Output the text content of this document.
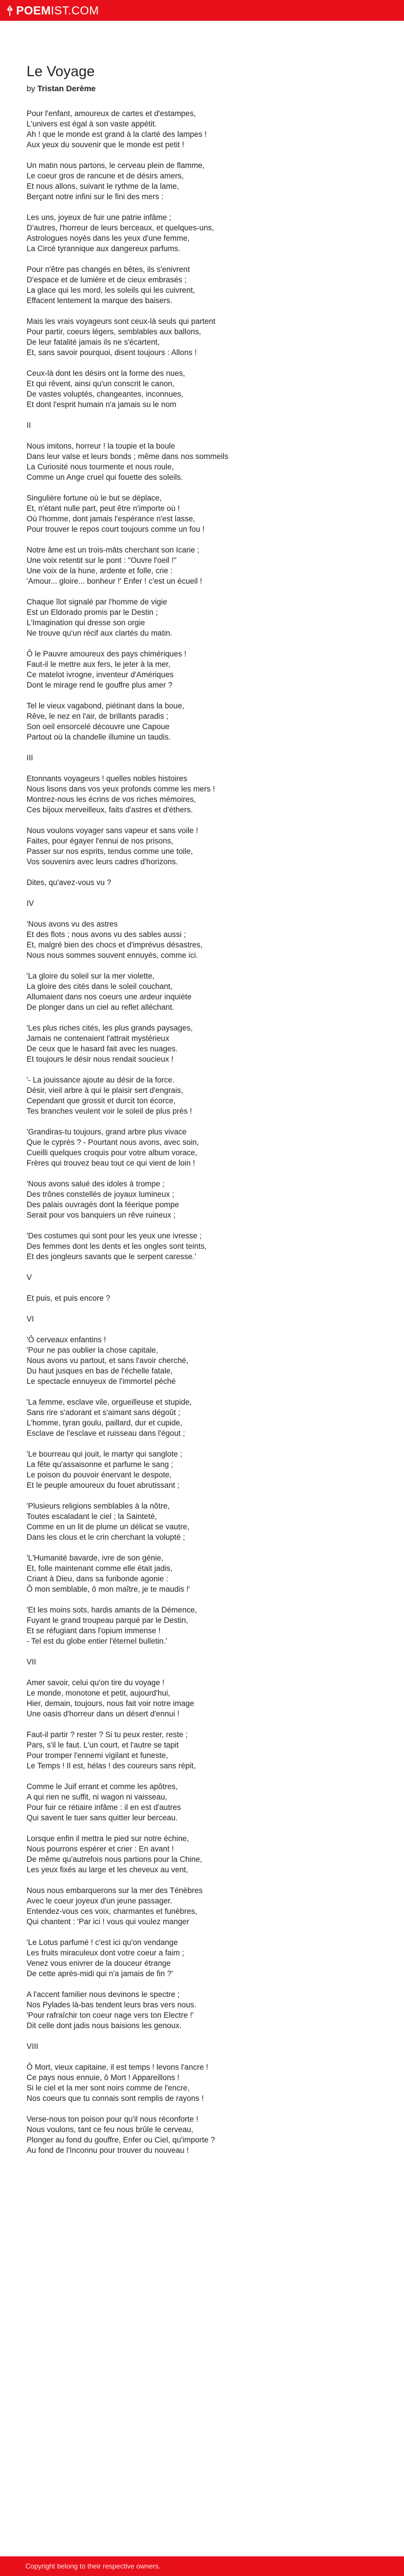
POEMIST.COM
Le Voyage
by Tristan Derème
Pour l'enfant, amoureux de cartes et d'estampes,
L'univers est égal à son vaste appétit.
Ah ! que le monde est grand à la clarté des lampes !
Aux yeux du souvenir que le monde est petit !
Un matin nous partons, le cerveau plein de flamme,
Le coeur gros de rancune et de désirs amers,
Et nous allons, suivant le rythme de la lame,
Berçant notre infini sur le fini des mers :
Les uns, joyeux de fuir une patrie infâme ;
D'autres, l'horreur de leurs berceaux, et quelques-uns,
Astrologues noyés dans les yeux d'une femme,
La Circé tyrannique aux dangereux parfums.
Pour n'être pas changés en bêtes, ils s'enivrent
D'espace et de lumière et de cieux embrasés ;
La glace qui les mord, les soleils qui les cuivrent,
Effacent lentement la marque des baisers.
Mais les vrais voyageurs sont ceux-là seuls qui partent
Pour partir, coeurs légers, semblables aux ballons,
De leur fatalité jamais ils ne s'écartent,
Et, sans savoir pourquoi, disent toujours : Allons !
Ceux-là dont les désirs ont la forme des nues,
Et qui rêvent, ainsi qu'un conscrit le canon,
De vastes voluptés, changeantes, inconnues,
Et dont l'esprit humain n'a jamais su le nom
II
Nous imitons, horreur ! la toupie et la boule
Dans leur valse et leurs bonds ; même dans nos sommeils
La Curiosité nous tourmente et nous roule,
Comme un Ange cruel qui fouette des soleils.
Singulière fortune où le but se déplace,
Et, n'étant nulle part, peut être n'importe où !
Où l'homme, dont jamais l'espérance n'est lasse,
Pour trouver le repos court toujours comme un fou !
Notre âme est un trois-mâts cherchant son Icarie ;
Une voix retentit sur le pont : "Ouvre l'oeil !"
Une voix de la hune, ardente et folle, crie :
'Amour... gloire... bonheur !' Enfer ! c'est un écueil !
Chaque îlot signalé par l'homme de vigie
Est un Eldorado promis par le Destin ;
L'Imagination qui dresse son orgie
Ne trouve qu'un récif aux clartés du matin.
Ô le Pauvre amoureux des pays chimériques !
Faut-il le mettre aux fers, le jeter à la mer,
Ce matelot ivrogne, inventeur d'Amériques
Dont le mirage rend le gouffre plus amer ?
Tel le vieux vagabond, piétinant dans la boue,
Rêve, le nez en l'air, de brillants paradis ;
Son oeil ensorcelé découvre une Capoue
Partout où la chandelle illumine un taudis.
III
Etonnants voyageurs ! quelles nobles histoires
Nous lisons dans vos yeux profonds comme les mers !
Montrez-nous les écrins de vos riches mémoires,
Ces bijoux merveilleux, faits d'astres et d'éthers.
Nous voulons voyager sans vapeur et sans voile !
Faites, pour égayer l'ennui de nos prisons,
Passer sur nos esprits, tendus comme une toile,
Vos souvenirs avec leurs cadres d'horizons.
Dites, qu'avez-vous vu ?
IV
'Nous avons vu des astres
Et des flots ; nous avons vu des sables aussi ;
Et, malgré bien des chocs et d'imprévus désastres,
Nous nous sommes souvent ennuyés, comme ici.
'La gloire du soleil sur la mer violette,
La gloire des cités dans le soleil couchant,
Allumaient dans nos coeurs une ardeur inquiète
De plonger dans un ciel au reflet alléchant.
'Les plus riches cités, les plus grands paysages,
Jamais ne contenaient l'attrait mystérieux
De ceux que le hasard fait avec les nuages.
Et toujours le désir nous rendait soucieux !
'- La jouissance ajoute au désir de la force.
Désir, vieil arbre à qui le plaisir sert d'engrais,
Cependant que grossit et durcit ton écorce,
Tes branches veulent voir le soleil de plus près !
'Grandiras-tu toujours, grand arbre plus vivace
Que le cyprès ? - Pourtant nous avons, avec soin,
Cueilli quelques croquis pour votre album vorace,
Frères qui trouvez beau tout ce qui vient de loin !
'Nous avons salué des idoles à trompe ;
Des trônes constellés de joyaux lumineux ;
Des palais ouvragés dont la féerique pompe
Serait pour vos banquiers un rêve ruineux ;
'Des costumes qui sont pour les yeux une ivresse ;
Des femmes dont les dents et les ongles sont teints,
Et des jongleurs savants que le serpent caresse.'
V
Et puis, et puis encore ?
VI
'Ô cerveaux enfantins !
'Pour ne pas oublier la chose capitale,
Nous avons vu partout, et sans l'avoir cherché,
Du haut jusques en bas de l'échelle fatale,
Le spectacle ennuyeux de l'immortel péché
'La femme, esclave vile, orgueilleuse et stupide,
Sans rire s'adorant et s'aimant sans dégoût ;
L'homme, tyran goulu, paillard, dur et cupide,
Esclave de l'esclave et ruisseau dans l'égout ;
'Le bourreau qui jouit, le martyr qui sanglote ;
La fête qu'assaisonne et parfume le sang ;
Le poison du pouvoir énervant le despote,
Et le peuple amoureux du fouet abrutissant ;
'Plusieurs religions semblables à la nôtre,
Toutes escaladant le ciel ; la Sainteté,
Comme en un lit de plume un délicat se vautre,
Dans les clous et le crin cherchant la volupté ;
'L'Humanité bavarde, ivre de son génie,
Et, folle maintenant comme elle était jadis,
Criant à Dieu, dans sa furibonde agonie :
Ô mon semblable, ô mon maître, je te maudis !'
'Et les moins sots, hardis amants de la Démence,
Fuyant le grand troupeau parqué par le Destin,
Et se réfugiant dans l'opium immense !
- Tel est du globe entier l'éternel bulletin.'
VII
Amer savoir, celui qu'on tire du voyage !
Le monde, monotone et petit, aujourd'hui,
Hier, demain, toujours, nous fait voir notre image
Une oasis d'horreur dans un désert d'ennui !
Faut-il partir ? rester ? Si tu peux rester, reste ;
Pars, s'il le faut. L'un court, et l'autre se tapit
Pour tromper l'ennemi vigilant et funeste,
Le Temps ! Il est, hélas ! des coureurs sans répit,
Comme le Juif errant et comme les apôtres,
A qui rien ne suffit, ni wagon ni vaisseau,
Pour fuir ce rétiaire infâme : il en est d'autres
Qui savent le tuer sans quitter leur berceau.
Lorsque enfin il mettra le pied sur notre échine,
Nous pourrons espérer et crier : En avant !
De même qu'autrefois nous partions pour la Chine,
Les yeux fixés au large et les cheveux au vent,
Nous nous embarquerons sur la mer des Ténèbres
Avec le coeur joyeux d'un jeune passager.
Entendez-vous ces voix, charmantes et funèbres,
Qui chantent : 'Par ici ! vous qui voulez manger
'Le Lotus parfumé ! c'est ici qu'on vendange
Les fruits miraculeux dont votre coeur a faim ;
Venez vous enivrer de la douceur étrange
De cette après-midi qui n'a jamais de fin ?'
A l'accent familier nous devinons le spectre ;
Nos Pylades là-bas tendent leurs bras vers nous.
'Pour rafraîchir ton coeur nage vers ton Electre !'
Dit celle dont jadis nous baisions les genoux.
VIII
Ô Mort, vieux capitaine, il est temps ! levons l'ancre !
Ce pays nous ennuie, ô Mort ! Appareillons !
Si le ciel et la mer sont noirs comme de l'encre,
Nos coeurs que tu connais sont remplis de rayons !
Verse-nous ton poison pour qu'il nous réconforte !
Nous voulons, tant ce feu nous brûle le cerveau,
Plonger au fond du gouffre, Enfer ou Ciel, qu'importe ?
Au fond de l'Inconnu pour trouver du nouveau !
Copyright belong to their respective owners.
